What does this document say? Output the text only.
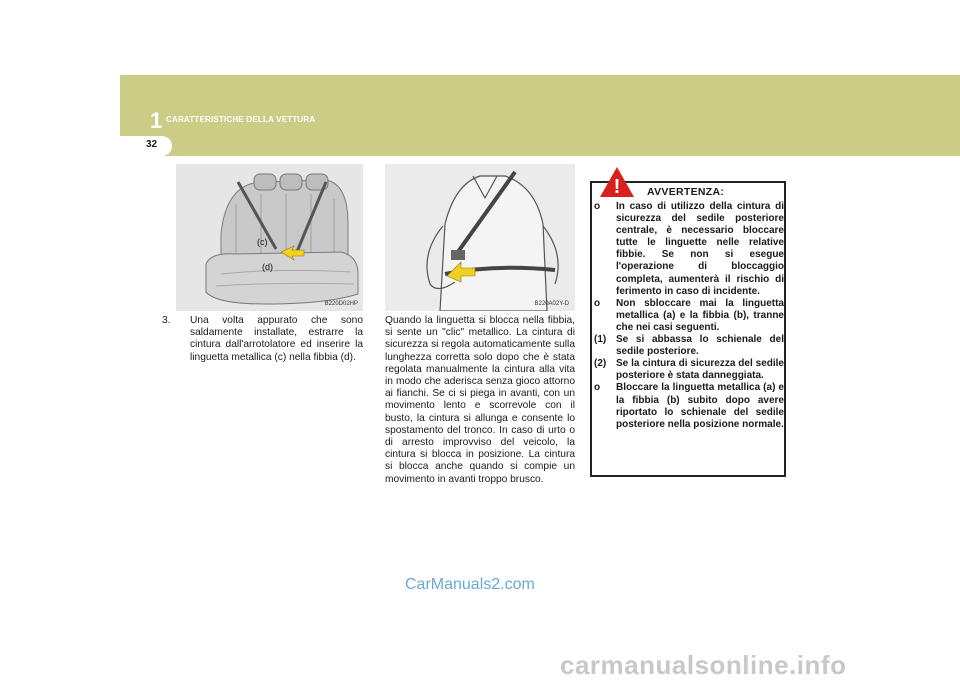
1 CARATTERISTICHE DELLA VETTURA
32
(c)
(d)
B220D02HP	B220A02Y-D

3. Una volta appurato che sono saldamente installate, estrarre la cintura dall'arrotolatore ed inserire la linguetta metallica (c) nella fibbia (d).

Quando la linguetta si blocca nella fibbia, si sente un "clic" metallico. La cintura di sicurezza si regola automaticamente sulla lunghezza corretta solo dopo che è stata regolata manualmente la cintura alla vita in modo che aderisca senza gioco attorno ai fianchi. Se ci si piega in avanti, con un movimento lento e scorrevole con il busto, la cintura si allunga e consente lo spostamento del tronco. In caso di urto o di arresto improvviso del veicolo, la cintura si blocca in posizione. La cintura si blocca anche quando si compie un movimento in avanti troppo brusco.
!	AVVERTENZA:

o In caso di utilizzo della cintura di sicurezza del sedile posteriore centrale, è necessario bloccare tutte le linguette nelle relative fibbie. Se non si esegue l'operazione di bloccaggio completa, aumenterà il rischio di ferimento in caso di incidente.

o Non sbloccare mai la linguetta metallica (a) e la fibbia (b), tranne che nei casi seguenti.

(1) Se si abbassa lo schienale del sedile posteriore.

(2) Se la cintura di sicurezza del sedile posteriore è stata danneggiata.

o Bloccare la linguetta metallica (a) e la fibbia (b) subito dopo avere riportato lo schienale del sedile posteriore nella posizione normale.

CarManuals2.com
carmanualsonline.info
